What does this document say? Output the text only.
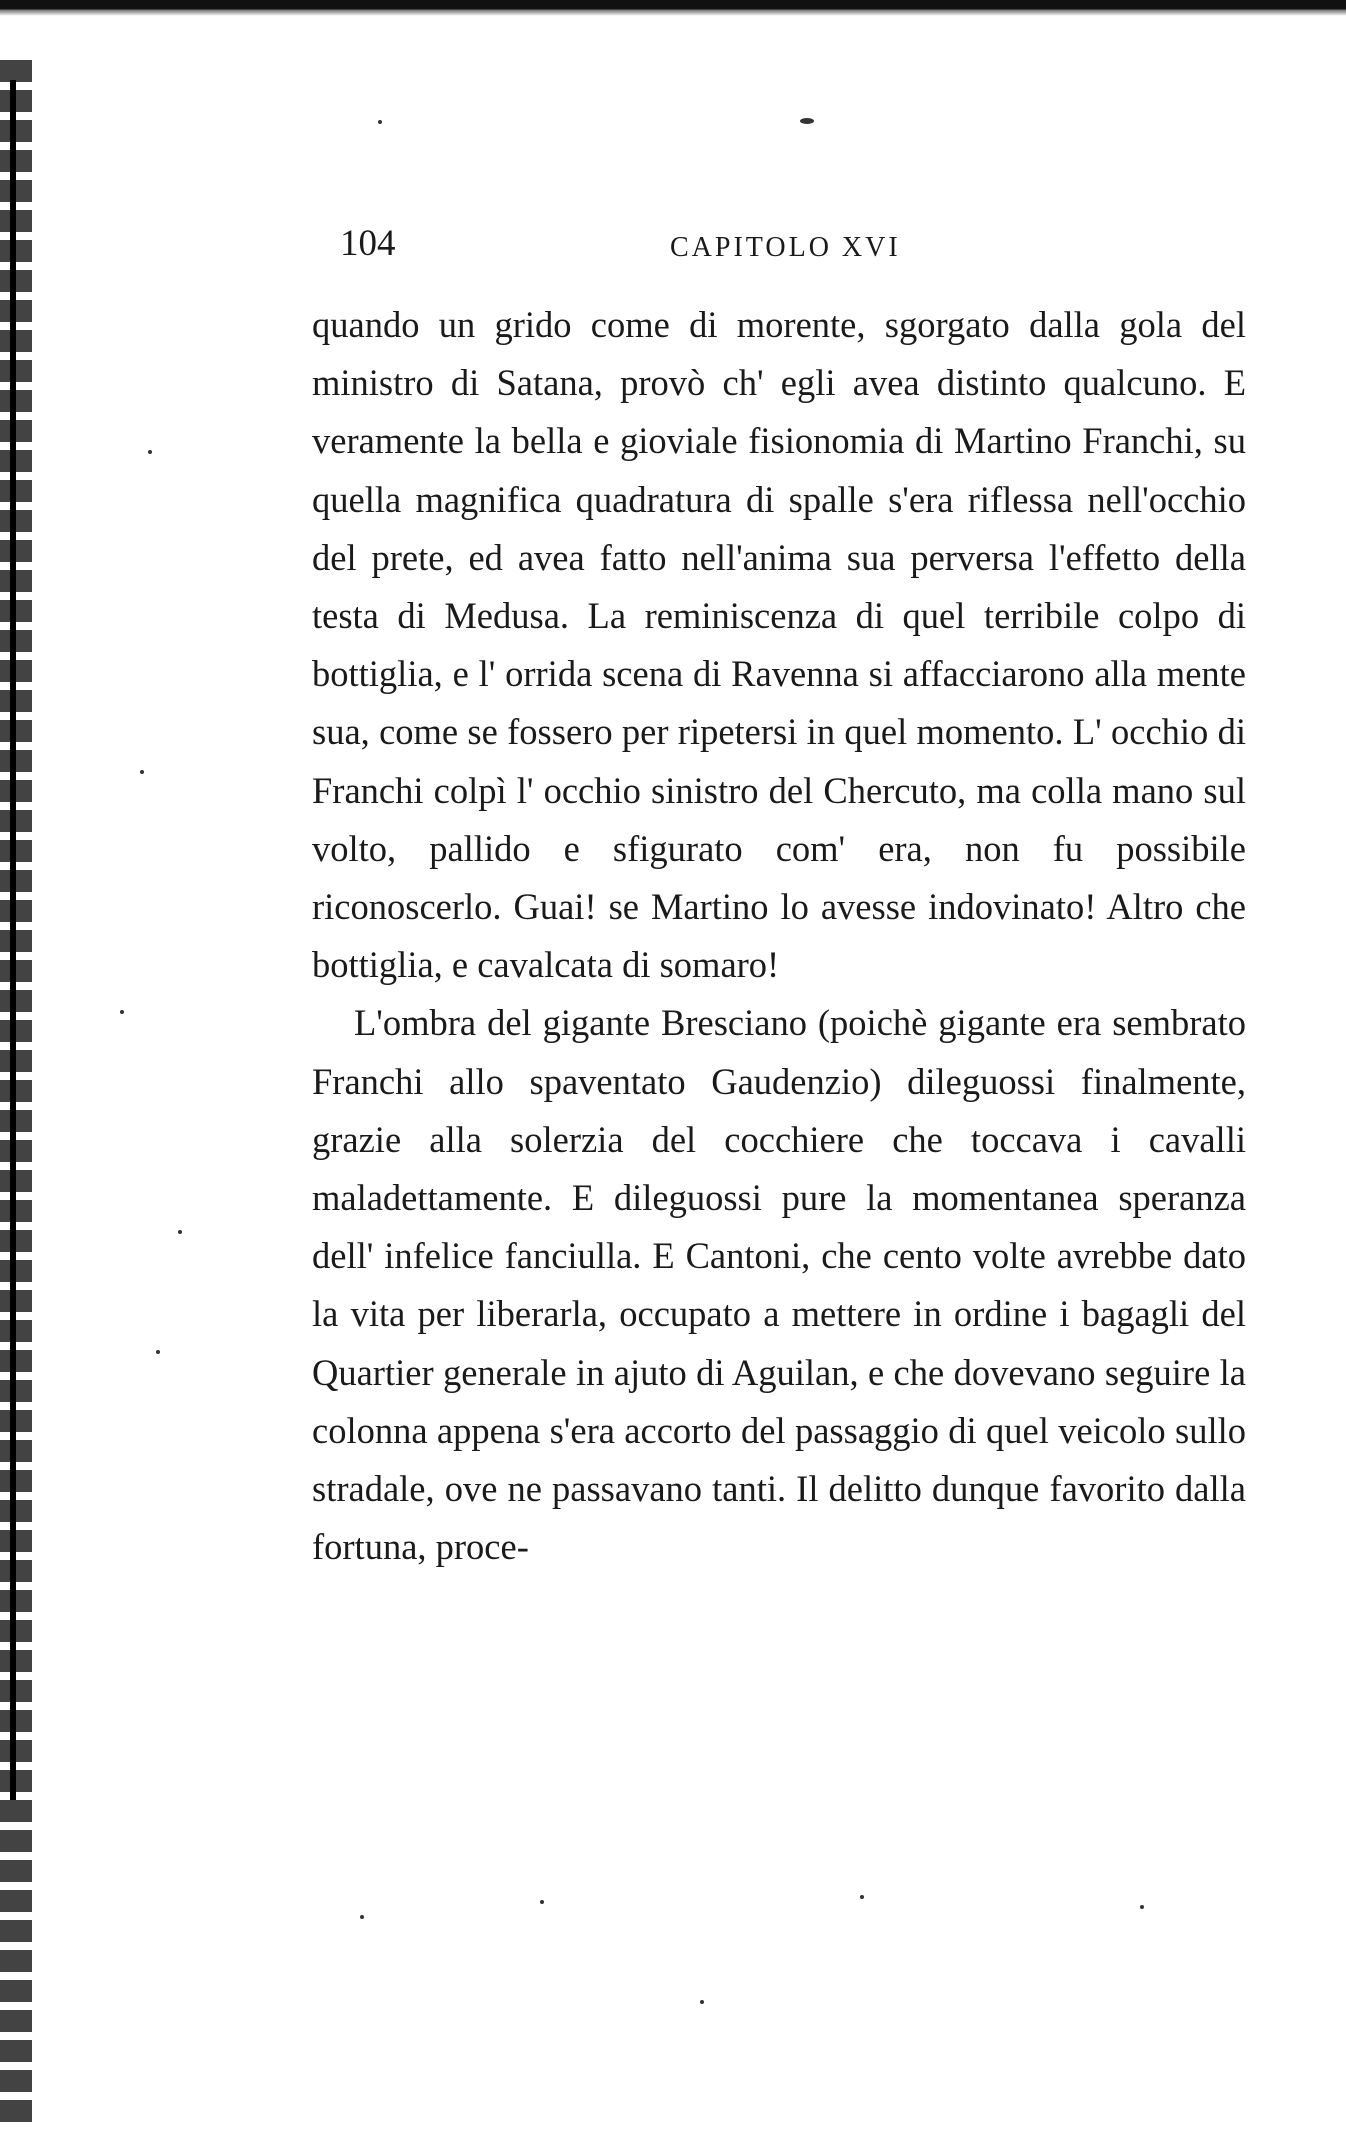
104	CAPITOLO XVI

quando un grido come di morente, sgorgato dalla gola del ministro di Satana, provò ch' egli avea distinto qualcuno. E veramente la bella e gioviale fisionomia di Martino Franchi, su quella magnifica quadratura di spalle s'era riflessa nell'occhio del prete, ed avea fatto nell'anima sua perversa l'effetto della testa di Medusa. La reminiscenza di quel terribile colpo di bottiglia, e l' orrida scena di Ravenna si affacciarono alla mente sua, come se fossero per ripetersi in quel momento. L' occhio di Franchi colpì l' occhio sinistro del Chercuto, ma colla mano sul volto, pallido e sfigurato com' era, non fu possibile riconoscerlo. Guai! se Martino lo avesse indovinato! Altro che bottiglia, e cavalcata di somaro!

L'ombra del gigante Bresciano (poichè gigante era sembrato Franchi allo spaventato Gaudenzio) dileguossi finalmente, grazie alla solerzia del cocchiere che toccava i cavalli maladettamente. E dileguossi pure la momentanea speranza dell' infelice fanciulla. E Cantoni, che cento volte avrebbe dato la vita per liberarla, occupato a mettere in ordine i bagagli del Quartier generale in ajuto di Aguilan, e che dovevano seguire la colonna appena s'era accorto del passaggio di quel veicolo sullo stradale, ove ne passavano tanti. Il delitto dunque favorito dalla fortuna, proce-
